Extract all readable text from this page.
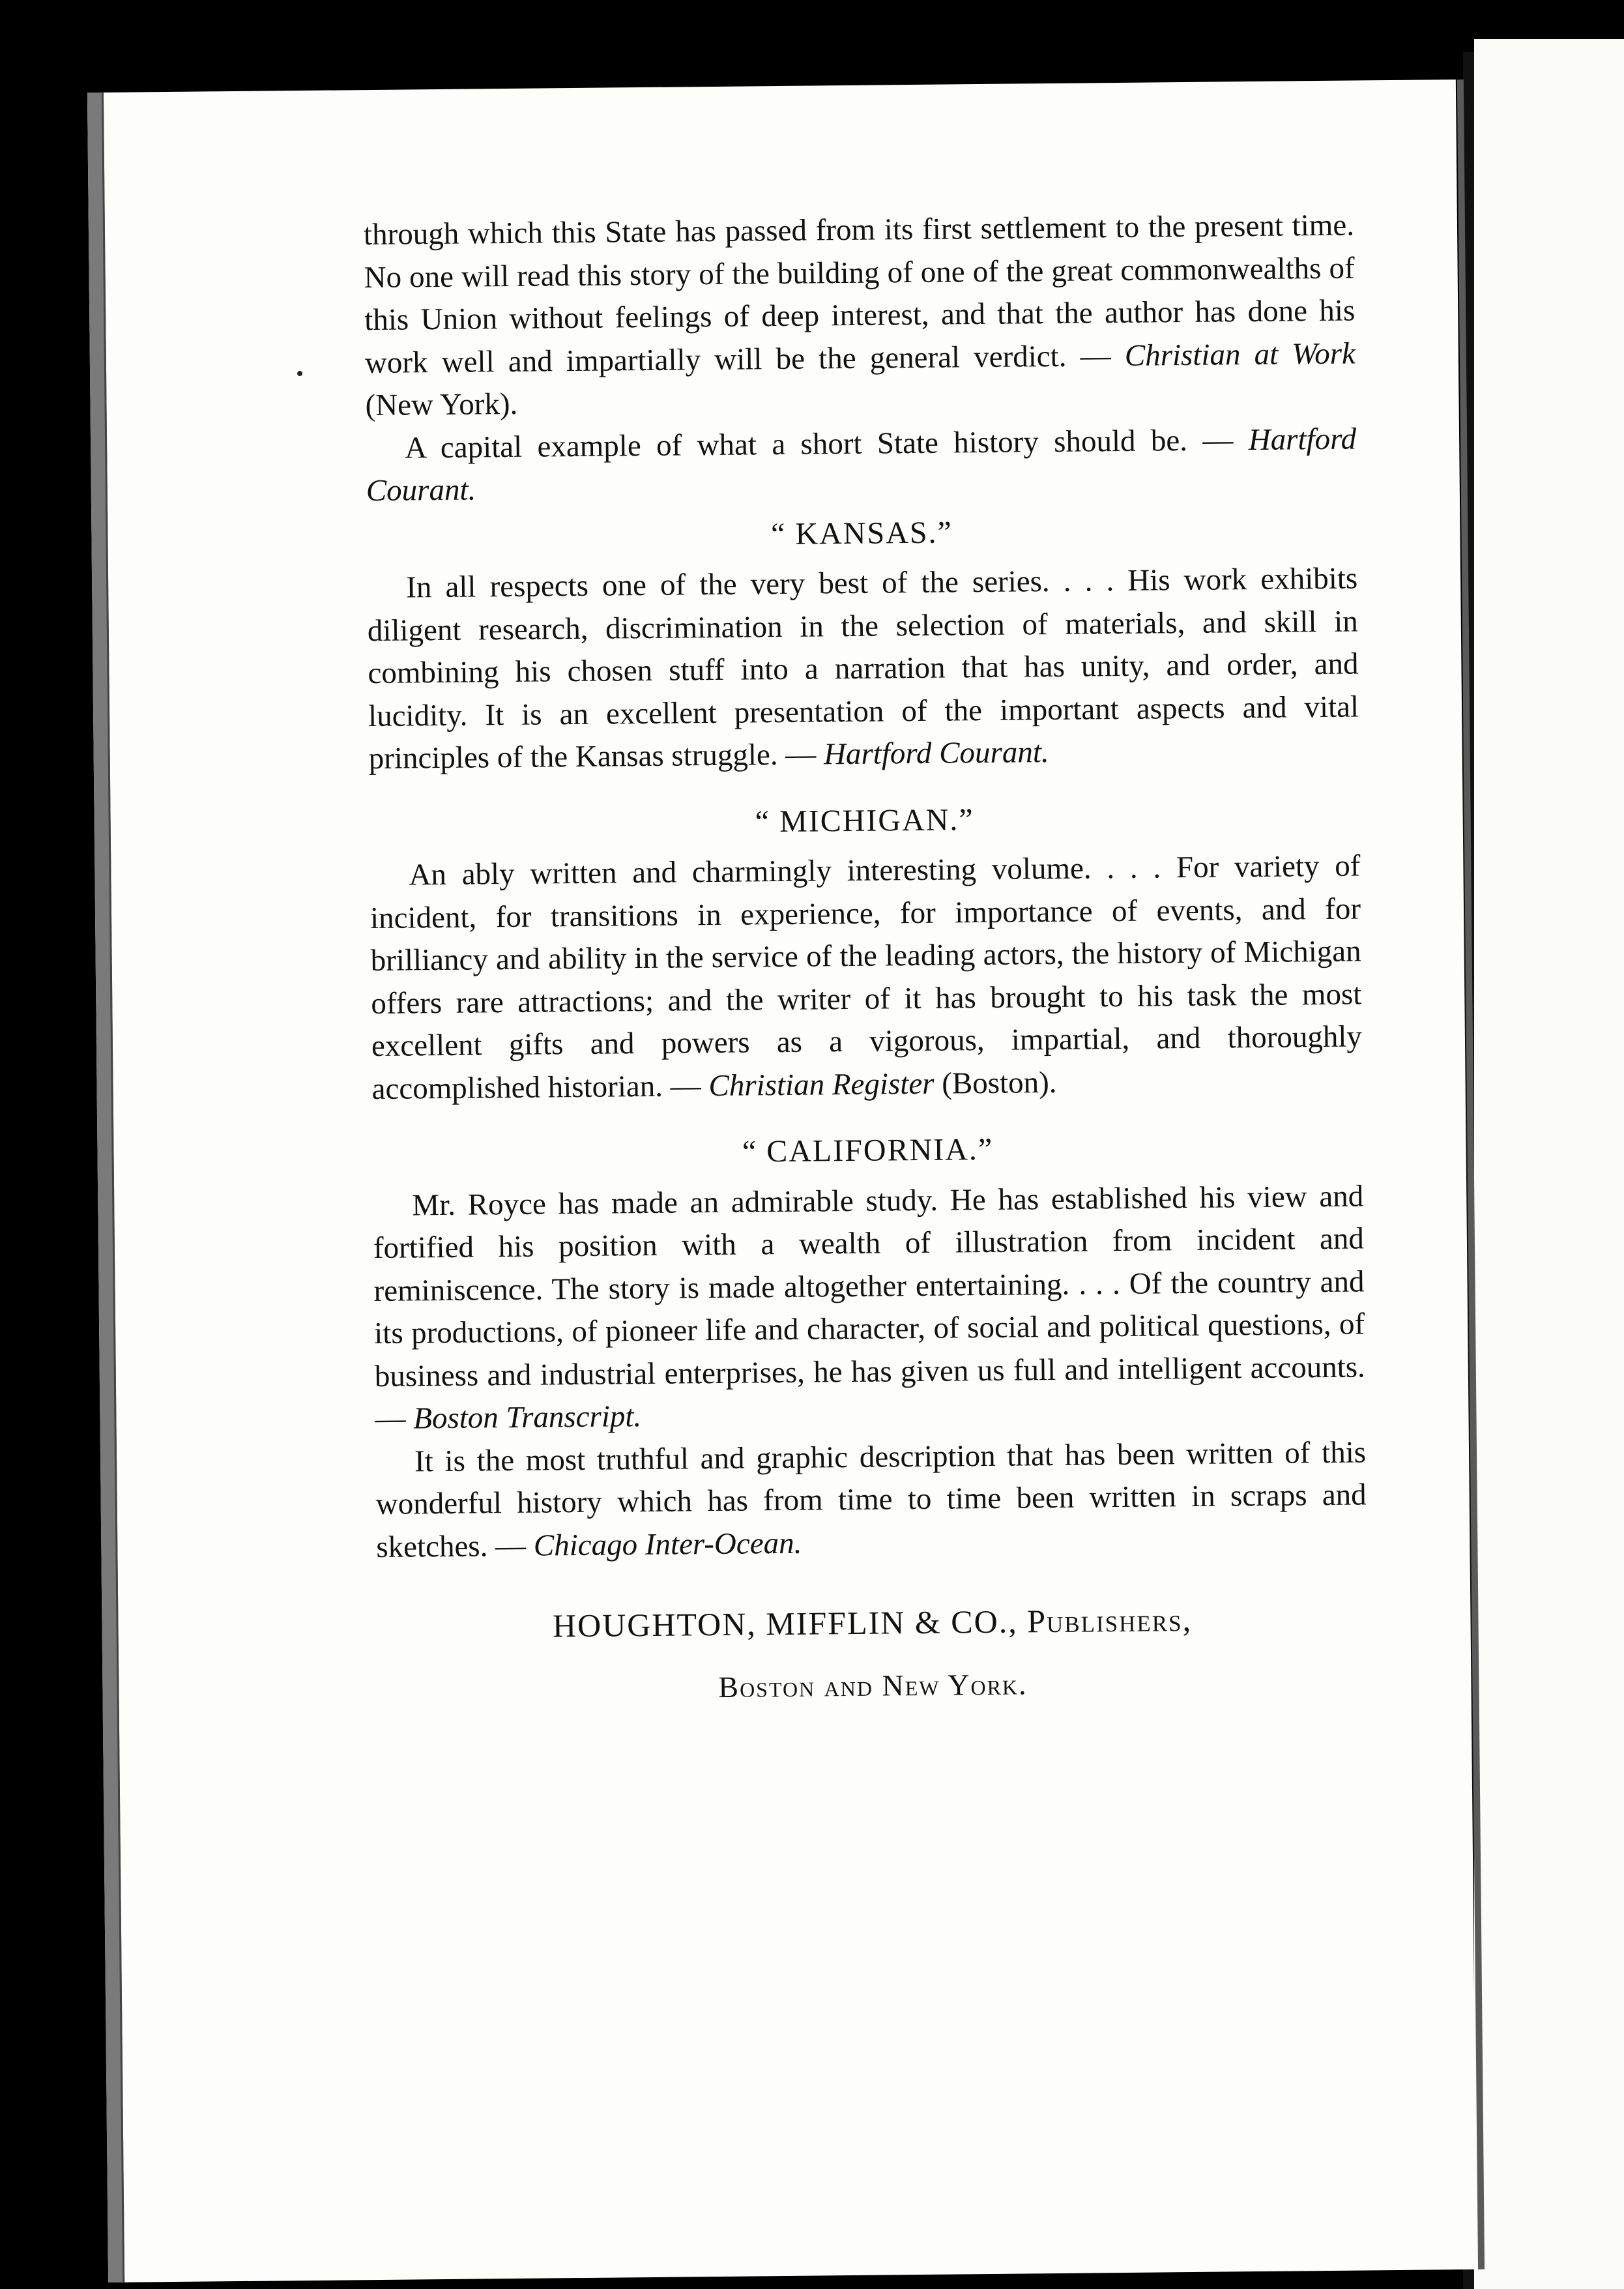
through which this State has passed from its first settlement to the present time. No one will read this story of the building of one of the great commonwealths of this Union without feelings of deep interest, and that the author has done his work well and impartially will be the general verdict. — Christian at Work (New York).

A capital example of what a short State history should be. — Hartford Courant.

“ KANSAS.”

In all respects one of the very best of the series. . . . His work exhibits diligent research, discrimination in the selection of materials, and skill in combining his chosen stuff into a narration that has unity, and order, and lucidity. It is an excellent presentation of the important aspects and vital principles of the Kansas struggle. — Hartford Courant.

“ MICHIGAN.”

An ably written and charmingly interesting volume. . . . For variety of incident, for transitions in experience, for importance of events, and for brilliancy and ability in the service of the leading actors, the history of Michigan offers rare attractions; and the writer of it has brought to his task the most excellent gifts and powers as a vigorous, impartial, and thoroughly accomplished historian. — Christian Register (Boston).

“ CALIFORNIA.”

Mr. Royce has made an admirable study. He has established his view and fortified his position with a wealth of illustration from incident and reminiscence. The story is made altogether entertaining. . . . Of the country and its productions, of pioneer life and character, of social and political questions, of business and industrial enterprises, he has given us full and intelligent accounts. — Boston Transcript.

It is the most truthful and graphic description that has been written of this wonderful history which has from time to time been written in scraps and sketches. — Chicago Inter-Ocean.

HOUGHTON, MIFFLIN & CO., Publishers,
Boston and New York.
